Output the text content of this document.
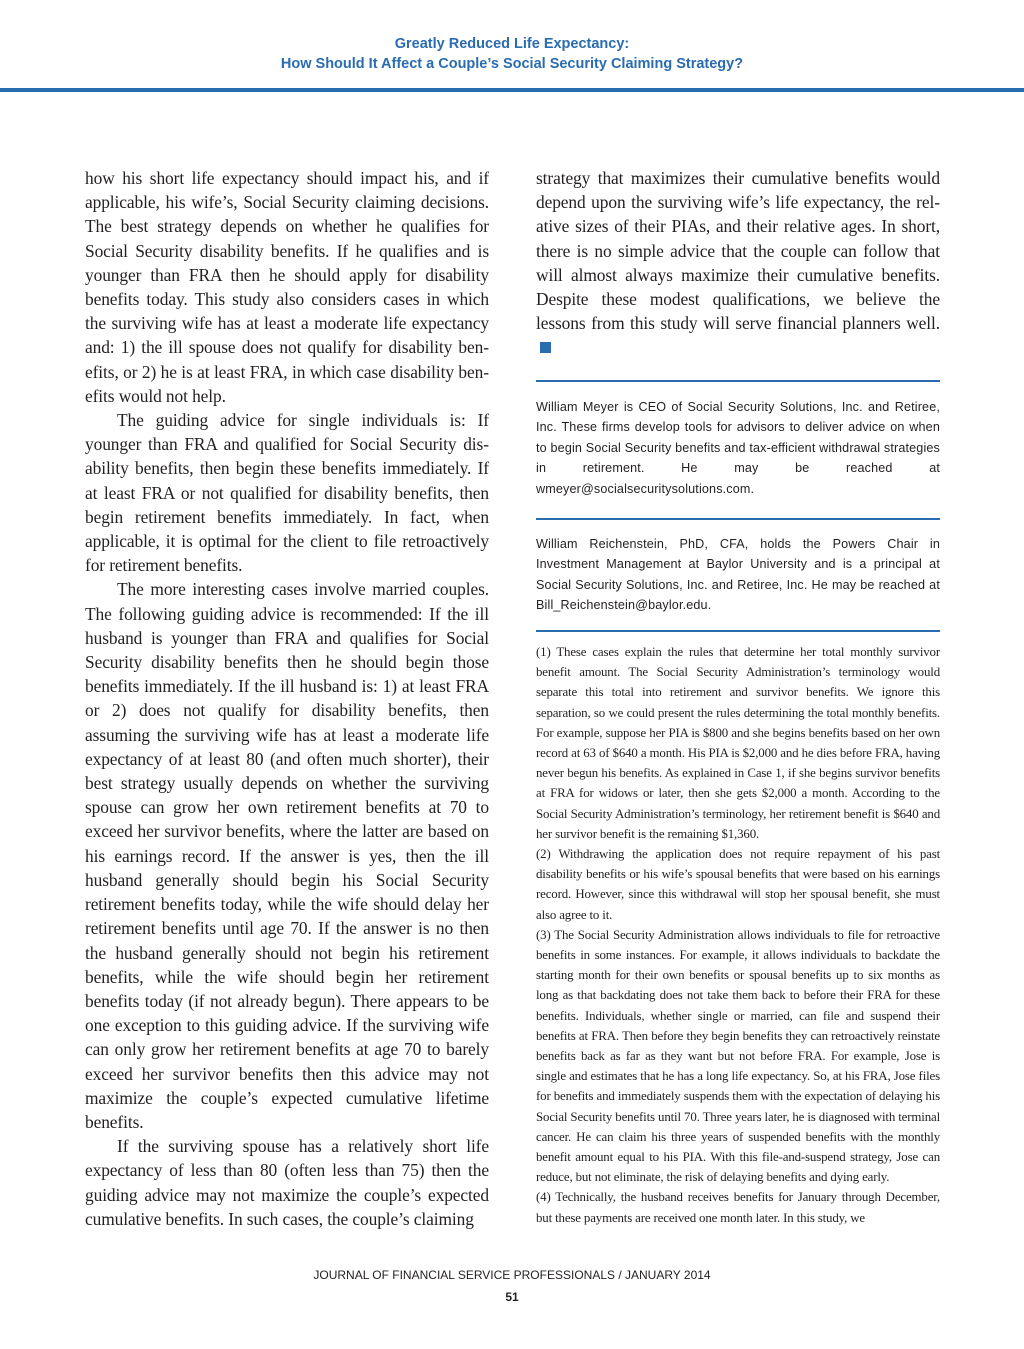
Greatly Reduced Life Expectancy:
How Should It Affect a Couple’s Social Security Claiming Strategy?

how his short life expectancy should impact his, and if applicable, his wife’s, Social Security claiming decisions. The best strategy depends on whether he qualifies for Social Security disability benefits. If he qualifies and is younger than FRA then he should apply for disability benefits today. This study also considers cases in which the surviving wife has at least a moderate life expectancy and: 1) the ill spouse does not qualify for disability benefits, or 2) he is at least FRA, in which case disability benefits would not help.

The guiding advice for single individuals is: If younger than FRA and qualified for Social Security disability benefits, then begin these benefits immediately. If at least FRA or not qualified for disability benefits, then begin retirement benefits immediately. In fact, when applicable, it is optimal for the client to file retroactively for retirement benefits.

The more interesting cases involve married couples. The following guiding advice is recommended: If the ill husband is younger than FRA and qualifies for Social Security disability benefits then he should begin those benefits immediately. If the ill husband is: 1) at least FRA or 2) does not qualify for disability benefits, then assuming the surviving wife has at least a moderate life expectancy of at least 80 (and often much shorter), their best strategy usually depends on whether the surviving spouse can grow her own retirement benefits at 70 to exceed her survivor benefits, where the latter are based on his earnings record. If the answer is yes, then the ill husband generally should begin his Social Security retirement benefits today, while the wife should delay her retirement benefits until age 70. If the answer is no then the husband generally should not begin his retirement benefits, while the wife should begin her retirement benefits today (if not already begun). There appears to be one exception to this guiding advice. If the surviving wife can only grow her retirement benefits at age 70 to barely exceed her survivor benefits then this advice may not maximize the couple’s expected cumulative lifetime benefits.

If the surviving spouse has a relatively short life expectancy of less than 80 (often less than 75) then the guiding advice may not maximize the couple’s expected cumulative benefits. In such cases, the couple’s claiming

strategy that maximizes their cumulative benefits would depend upon the surviving wife’s life expectancy, the relative sizes of their PIAs, and their relative ages. In short, there is no simple advice that the couple can follow that will almost always maximize their cumulative benefits. Despite these modest qualifications, we believe the lessons from this study will serve financial planners well.

William Meyer is CEO of Social Security Solutions, Inc. and Retiree, Inc. These firms develop tools for advisors to deliver advice on when to begin Social Security benefits and tax-efficient withdrawal strategies in retirement. He may be reached at wmeyer@socialsecuritysolutions.com.

William Reichenstein, PhD, CFA, holds the Powers Chair in Investment Management at Baylor University and is a principal at Social Security Solutions, Inc. and Retiree, Inc. He may be reached at Bill_Reichenstein@baylor.edu.

(1) These cases explain the rules that determine her total monthly survivor benefit amount. The Social Security Administration’s terminology would separate this total into retirement and survivor benefits. We ignore this separation, so we could present the rules determining the total monthly benefits. For example, suppose her PIA is $800 and she begins benefits based on her own record at 63 of $640 a month. His PIA is $2,000 and he dies before FRA, having never begun his benefits. As explained in Case 1, if she begins survivor benefits at FRA for widows or later, then she gets $2,000 a month. According to the Social Security Administration’s terminology, her retirement benefit is $640 and her survivor benefit is the remaining $1,360.

(2) Withdrawing the application does not require repayment of his past disability benefits or his wife’s spousal benefits that were based on his earnings record. However, since this withdrawal will stop her spousal benefit, she must also agree to it.

(3) The Social Security Administration allows individuals to file for retroactive benefits in some instances. For example, it allows individuals to backdate the starting month for their own benefits or spousal benefits up to six months as long as that backdating does not take them back to before their FRA for these benefits. Individuals, whether single or married, can file and suspend their benefits at FRA. Then before they begin benefits they can retroactively reinstate benefits back as far as they want but not before FRA. For example, Jose is single and estimates that he has a long life expectancy. So, at his FRA, Jose files for benefits and immediately suspends them with the expectation of delaying his Social Security benefits until 70. Three years later, he is diagnosed with terminal cancer. He can claim his three years of suspended benefits with the monthly benefit amount equal to his PIA. With this file-and-suspend strategy, Jose can reduce, but not eliminate, the risk of delaying benefits and dying early.

(4) Technically, the husband receives benefits for January through December, but these payments are received one month later. In this study, we

JOURNAL OF FINANCIAL SERVICE PROFESSIONALS / JANUARY 2014
51
